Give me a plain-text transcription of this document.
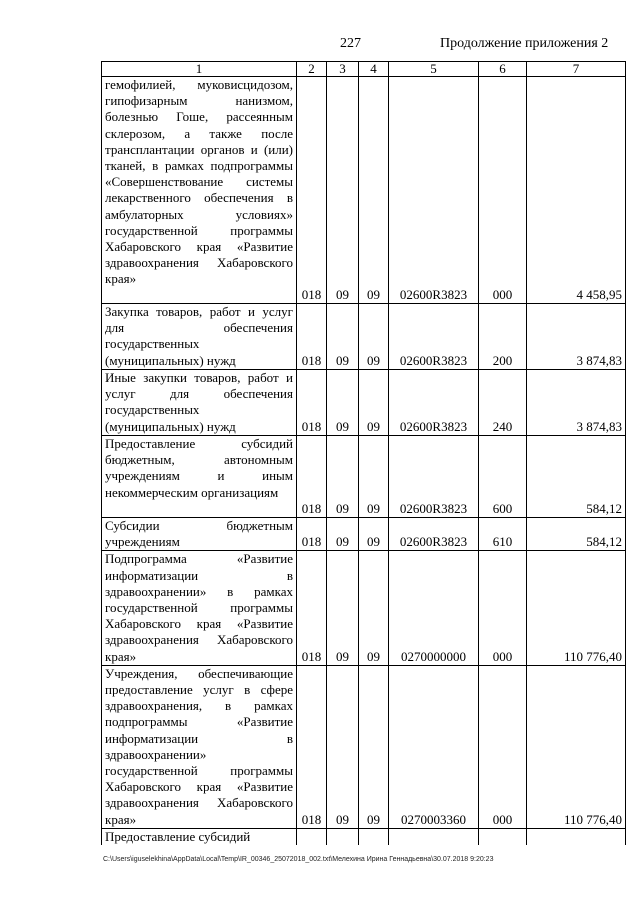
227	Продолжение приложения 2
1	2	3	4	5	6	7
гемофилией, муковисцидозом, гипофизарным нанизмом, болезнью Гоше, рассеянным склерозом, а также после трансплантации органов и (или) тканей, в рамках подпрограммы «Совершенствование системы лекарственного обеспечения в амбулаторных условиях» государственной программы Хабаровского края «Развитие здравоохранения Хабаровского края»	018	09	09	02600R3823	000	4 458,95
Закупка товаров, работ и услуг для обеспечения государственных (муниципальных) нужд	018	09	09	02600R3823	200	3 874,83
Иные закупки товаров, работ и услуг для обеспечения государственных (муниципальных) нужд	018	09	09	02600R3823	240	3 874,83
Предоставление субсидий бюджетным, автономным учреждениям и иным некоммерческим организациям	018	09	09	02600R3823	600	584,12
Субсидии бюджетным учреждениям	018	09	09	02600R3823	610	584,12
Подпрограмма «Развитие информатизации в здравоохранении» в рамках государственной программы Хабаровского края «Развитие здравоохранения Хабаровского края»	018	09	09	0270000000	000	110 776,40
Учреждения, обеспечивающие предоставление услуг в сфере здравоохранения, в рамках подпрограммы «Развитие информатизации в здравоохранении» государственной программы Хабаровского края «Развитие здравоохранения Хабаровского края»	018	09	09	0270003360	000	110 776,40
Предоставление субсидий						
C:\Users\iguselekhina\AppData\Local\Temp\IR_00346_25072018_002.txt\Мелехина Ирина Геннадьевна\30.07.2018 9:20:23
